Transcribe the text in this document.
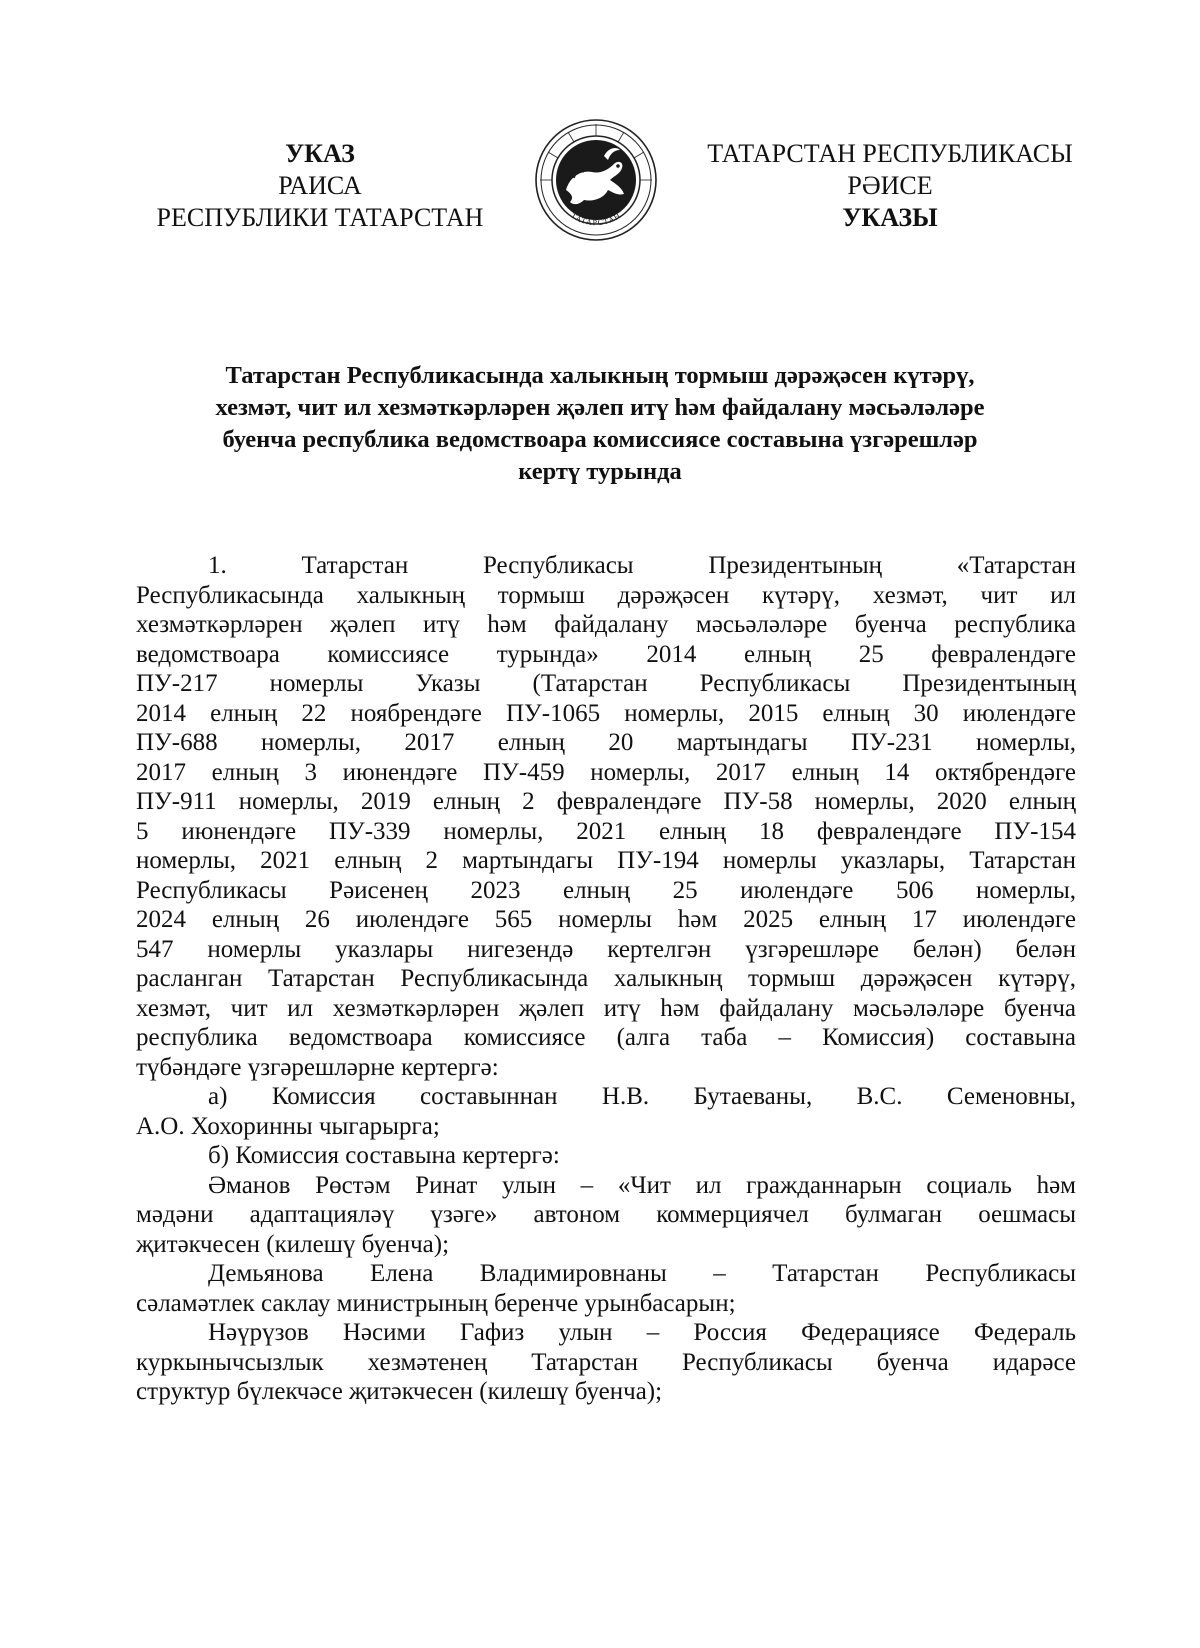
УКАЗ
РАИСА
РЕСПУБЛИКИ ТАТАРСТАН	ТАТАРСТАН
ТАТАРСТАН РЕСПУБЛИКАСЫ
РӘИСЕ
УКАЗЫ
Татарстан Республикасында халыкның тормыш дәрәҗәсен күтәрү,
хезмәт, чит ил хезмәткәрләрен җәлеп итү һәм файдалану мәсьәләләре
буенча республика ведомствоара комиссиясе составына үзгәрешләр
кертү турында
1. Татарстан Республикасы Президентының «Татарстан
Республикасында халыкның тормыш дәрәҗәсен күтәрү, хезмәт, чит ил
хезмәткәрләрен җәлеп итү һәм файдалану мәсьәләләре буенча республика
ведомствоара комиссиясе турында» 2014 елның 25 февралендәге
ПУ-217 номерлы Указы (Татарстан Республикасы Президентының
2014 елның 22 ноябрендәге ПУ-1065 номерлы, 2015 елның 30 июлендәге
ПУ-688 номерлы, 2017 елның 20 мартындагы ПУ-231 номерлы,
2017 елның 3 июнендәге ПУ-459 номерлы, 2017 елның 14 октябрендәге
ПУ-911 номерлы, 2019 елның 2 февралендәге ПУ-58 номерлы, 2020 елның
5 июнендәге ПУ-339 номерлы, 2021 елның 18 февралендәге ПУ-154
номерлы, 2021 елның 2 мартындагы ПУ-194 номерлы указлары, Татарстан
Республикасы Рәисенең 2023 елның 25 июлендәге 506 номерлы,
2024 елның 26 июлендәге 565 номерлы һәм 2025 елның 17 июлендәге
547 номерлы указлары нигезендә кертелгән үзгәрешләре белән) белән
расланган Татарстан Республикасында халыкның тормыш дәрәҗәсен күтәрү,
хезмәт, чит ил хезмәткәрләрен җәлеп итү һәм файдалану мәсьәләләре буенча
республика ведомствоара комиссиясе (алга таба – Комиссия) составына
түбәндәге үзгәрешләрне кертергә:
а) Комиссия составыннан Н.В. Бутаеваны, В.С. Семеновны,
А.О. Хохоринны чыгарырга;
б) Комиссия составына кертергә:
Әманов Рөстәм Ринат улын – «Чит ил гражданнарын социаль һәм
мәдәни адаптацияләү үзәге» автоном коммерциячел булмаган оешмасы
җитәкчесен (килешү буенча);
Демьянова Елена Владимировнаны – Татарстан Республикасы
сәламәтлек саклау министрының беренче урынбасарын;
Нәүрүзов Нәсими Гафиз улын – Россия Федерациясе Федераль
куркынычсызлык хезмәтенең Татарстан Республикасы буенча идарәсе
структур бүлекчәсе җитәкчесен (килешү буенча);
